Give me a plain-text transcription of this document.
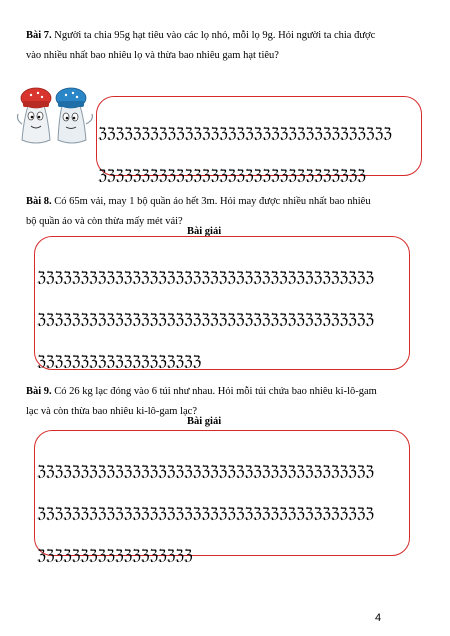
Bài 7. Người ta chia 95g hạt tiêu vào các lọ nhỏ, mỗi lọ 9g. Hỏi người ta chia được
vào nhiều nhất bao nhiêu lọ và thừa bao nhiêu gam hạt tiêu?

ℨℨℨℨℨℨℨℨℨℨℨℨℨℨℨℨℨℨℨℨℨℨℨℨℨℨℨℨℨℨℨℨℨℨ

ℨℨℨℨℨℨℨℨℨℨℨℨℨℨℨℨℨℨℨℨℨℨℨℨℨℨℨℨℨℨℨ

Bài 8. Có 65m vải, may 1 bộ quần áo hết 3m. Hỏi may được nhiều nhất bao nhiêu
bộ quần áo và còn thừa mấy mét vải?
Bài giải

ℨℨℨℨℨℨℨℨℨℨℨℨℨℨℨℨℨℨℨℨℨℨℨℨℨℨℨℨℨℨℨℨℨℨℨℨℨℨℨ

ℨℨℨℨℨℨℨℨℨℨℨℨℨℨℨℨℨℨℨℨℨℨℨℨℨℨℨℨℨℨℨℨℨℨℨℨℨℨℨ

ℨℨℨℨℨℨℨℨℨℨℨℨℨℨℨℨℨℨℨ

Bài 9. Có 26 kg lạc đóng vào 6 túi như nhau. Hỏi mỗi túi chứa bao nhiêu ki-lô-gam
lạc và còn thừa bao nhiêu ki-lô-gam lạc?
Bài giải

ℨℨℨℨℨℨℨℨℨℨℨℨℨℨℨℨℨℨℨℨℨℨℨℨℨℨℨℨℨℨℨℨℨℨℨℨℨℨℨ

ℨℨℨℨℨℨℨℨℨℨℨℨℨℨℨℨℨℨℨℨℨℨℨℨℨℨℨℨℨℨℨℨℨℨℨℨℨℨℨ

ℨℨℨℨℨℨℨℨℨℨℨℨℨℨℨℨℨℨ

4
